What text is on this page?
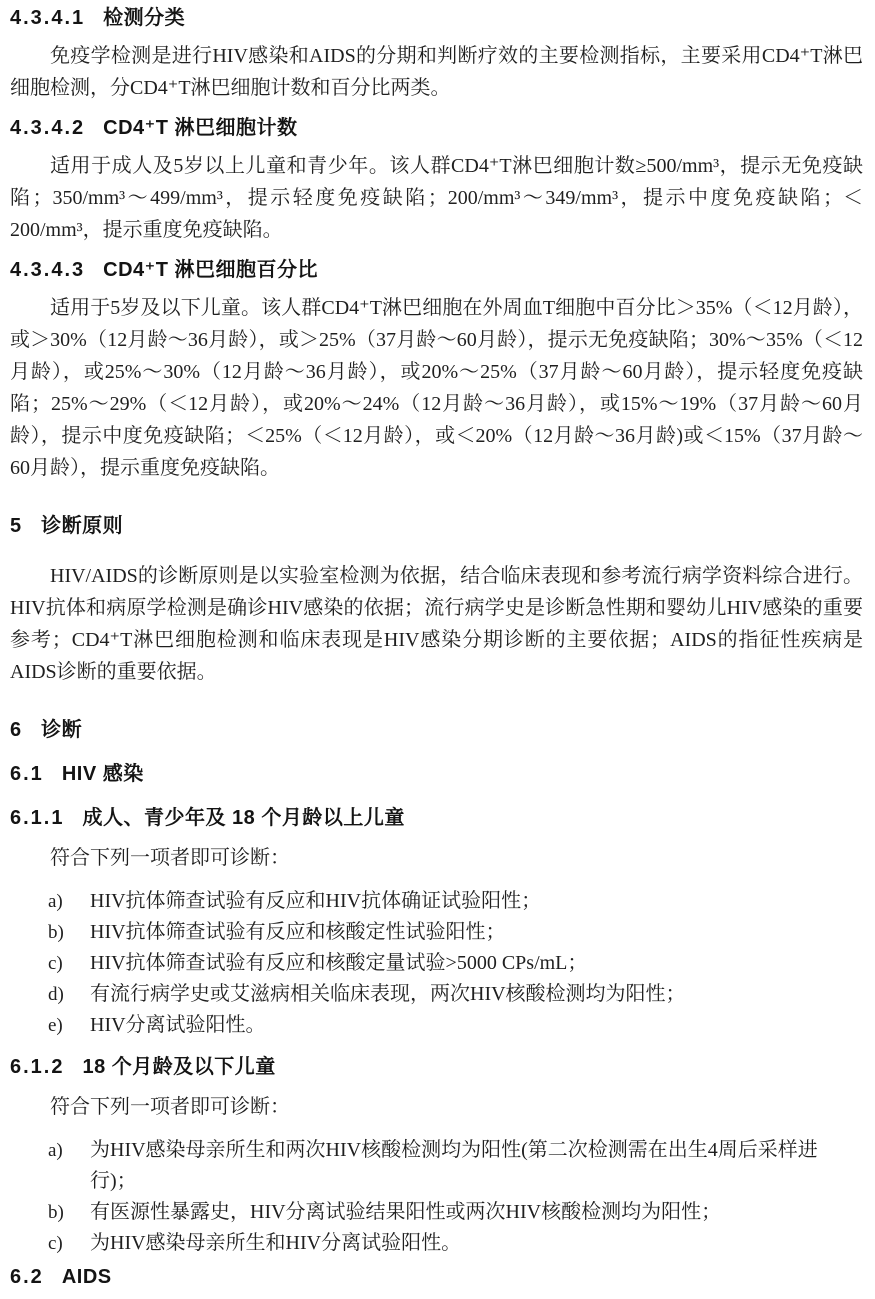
4.3.4.1 检测分类
免疫学检测是进行HIV感染和AIDS的分期和判断疗效的主要检测指标，主要采用CD4⁺T淋巴细胞检测，分CD4⁺T淋巴细胞计数和百分比两类。
4.3.4.2 CD4⁺T 淋巴细胞计数
适用于成人及5岁以上儿童和青少年。该人群CD4⁺T淋巴细胞计数≥500/mm³，提示无免疫缺陷；350/mm³～499/mm³，提示轻度免疫缺陷；200/mm³～349/mm³，提示中度免疫缺陷；＜200/mm³，提示重度免疫缺陷。
4.3.4.3 CD4⁺T 淋巴细胞百分比
适用于5岁及以下儿童。该人群CD4⁺T淋巴细胞在外周血T细胞中百分比＞35%（＜12月龄），或＞30%（12月龄～36月龄），或＞25%（37月龄～60月龄），提示无免疫缺陷；30%～35%（＜12月龄），或25%～30%（12月龄～36月龄），或20%～25%（37月龄～60月龄），提示轻度免疫缺陷；25%～29%（＜12月龄），或20%～24%（12月龄～36月龄），或15%～19%（37月龄～60月龄），提示中度免疫缺陷；＜25%（＜12月龄），或＜20%（12月龄～36月龄)或＜15%（37月龄～60月龄），提示重度免疫缺陷。
5 诊断原则
HIV/AIDS的诊断原则是以实验室检测为依据，结合临床表现和参考流行病学资料综合进行。HIV抗体和病原学检测是确诊HIV感染的依据；流行病学史是诊断急性期和婴幼儿HIV感染的重要参考；CD4⁺T淋巴细胞检测和临床表现是HIV感染分期诊断的主要依据；AIDS的指征性疾病是AIDS诊断的重要依据。
6 诊断
6.1 HIV 感染
6.1.1 成人、青少年及 18 个月龄以上儿童
符合下列一项者即可诊断：
a)	HIV抗体筛查试验有反应和HIV抗体确证试验阳性；
b)	HIV抗体筛查试验有反应和核酸定性试验阳性；
c)	HIV抗体筛查试验有反应和核酸定量试验>5000 CPs/mL；
d)	有流行病学史或艾滋病相关临床表现，两次HIV核酸检测均为阳性；
e)	HIV分离试验阳性。
6.1.2 18 个月龄及以下儿童
符合下列一项者即可诊断：
a)	为HIV感染母亲所生和两次HIV核酸检测均为阳性(第二次检测需在出生4周后采样进行)；
b)	有医源性暴露史，HIV分离试验结果阳性或两次HIV核酸检测均为阳性；
c)	为HIV感染母亲所生和HIV分离试验阳性。
6.2 AIDS
